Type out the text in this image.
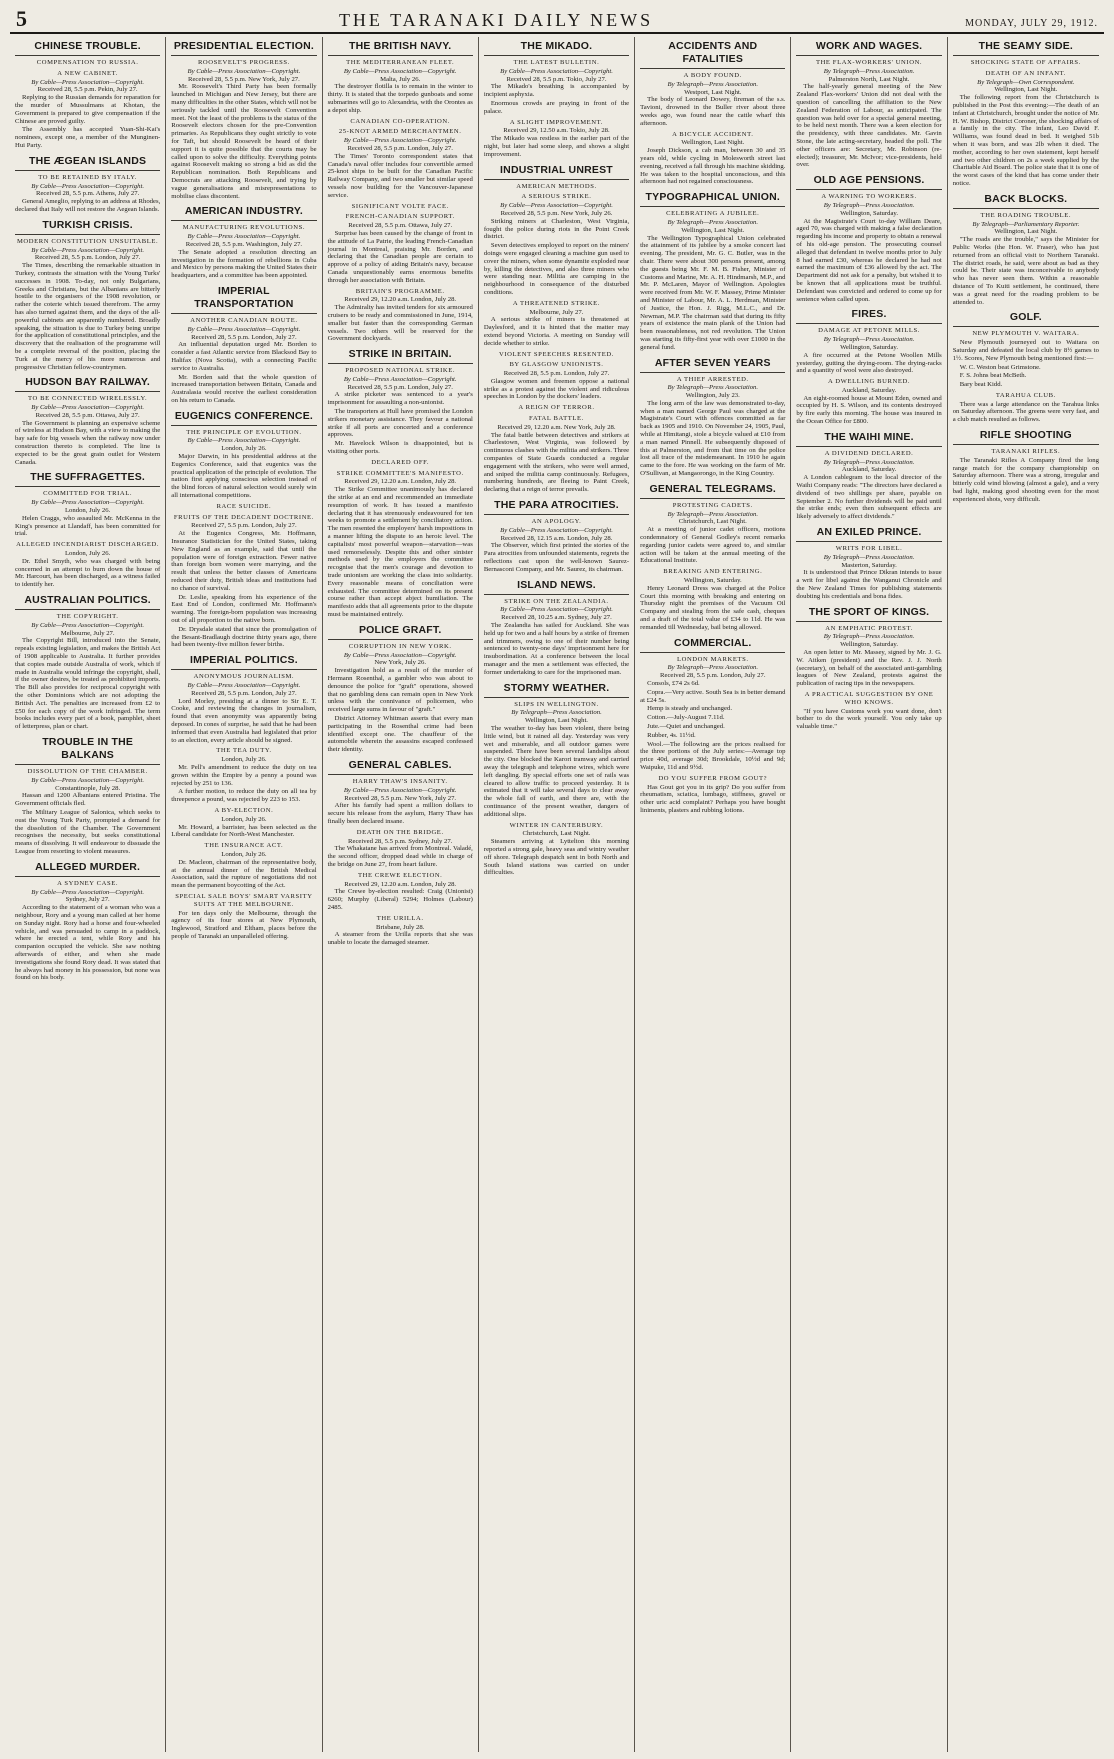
5	THE TARANAKI DAILY NEWS	MONDAY, JULY 29, 1912.
CHINESE TROUBLE.
COMPENSATION TO RUSSIA.
A NEW CABINET.
By Cable—Press Association—Copyright.
Received 28, 5.5 p.m. Pekin, July 27.

Replying to the Russian demands for reparation for the murder of Mussulmans at Khotan, the Government is prepared to give compensation if the Chinese are proved guilty.

The Assembly has accepted Yuan-Shi-Kai's nominees, except one, a member of the Munginen-Hui Party.

THE ÆGEAN ISLANDS
TO BE RETAINED BY ITALY.
By Cable—Press Association—Copyright.
Received 28, 5.5 p.m. Athens, July 27.

General Ameglio, replying to an address at Rhodes, declared that Italy will not restore the Aegean Islands.

TURKISH CRISIS.
MODERN CONSTITUTION UNSUITABLE.
By Cable—Press Association—Copyright.
Received 28, 5.5 p.m. London, July 27.

The Times, describing the remarkable situation in Turkey, contrasts the situation with the Young Turks' successes in 1908. To-day, not only Bulgarians, Greeks and Christians, but the Albanians are bitterly hostile to the organisers of the 1908 revolution, or rather the coterie which issued therefrom. The army has also turned against them, and the days of the all-powerful cabinets are apparently numbered. Broadly speaking, the situation is due to Turkey being unripe for the application of constitutional principles, and the discovery that the realisation of the programme will be a complete reversal of the position, placing the Turk at the mercy of his more numerous and progressive Christian fellow-countrymen.

HUDSON BAY RAILWAY.
TO BE CONNECTED WIRELESSLY.
By Cable—Press Association—Copyright.
Received 28, 5.5 p.m. Ottawa, July 27.

The Government is planning an expensive scheme of wireless at Hudson Bay, with a view to making the bay safe for big vessels when the railway now under construction thereto is completed. The line is expected to be the great grain outlet for Western Canada.

THE SUFFRAGETTES.
COMMITTED FOR TRIAL.
By Cable—Press Association—Copyright.
London, July 26.

Helen Craggs, who assaulted Mr. McKenna in the King's presence at Llandaff, has been committed for trial.

ALLEGED INCENDIARIST DISCHARGED.
London, July 26.

Dr. Ethel Smyth, who was charged with being concerned in an attempt to burn down the house of Mr. Harcourt, has been discharged, as a witness failed to identify her.

AUSTRALIAN POLITICS.
THE COPYRIGHT.
By Cable—Press Association—Copyright.
Melbourne, July 27.

The Copyright Bill, introduced into the Senate, repeals existing legislation, and makes the British Act of 1908 applicable to Australia. It further provides that copies made outside Australia of work, which if made in Australia would infringe the copyright, shall, if the owner desires, be treated as prohibited imports. The Bill also provides for reciprocal copyright with the other Dominions which are not adopting the British Act. The penalties are increased from £2 to £50 for each copy of the work infringed. The term books includes every part of a book, pamphlet, sheet of letterpress, plan or chart.

TROUBLE IN THE BALKANS
DISSOLUTION OF THE CHAMBER.
By Cable—Press Association—Copyright.
Constantinople, July 28.

Hassan and 1200 Albanians entered Pristina. The Government officials fled.

The Military League of Salonica, which seeks to oust the Young Turk Party, prompted a demand for the dissolution of the Chamber. The Government recognises the necessity, but seeks constitutional means of dissolving. It will endeavour to dissuade the League from resorting to violent measures.

ALLEGED MURDER.
A SYDNEY CASE.
By Cable—Press Association—Copyright.
Sydney, July 27.

According to the statement of a woman who was a neighbour, Rory and a young man called at her home on Sunday night. Rory had a horse and four-wheeled vehicle, and was persuaded to camp in a paddock, where he erected a tent, while Rory and his companion occupied the vehicle. She saw nothing afterwards of either, and when she made investigations she found Rory dead. It was stated that he always had money in his possession, but none was found on his body.

PRESIDENTIAL ELECTION.
ROOSEVELT'S PROGRESS.
By Cable—Press Association—Copyright.
Received 28, 5.5 p.m. New York, July 27.

Mr. Roosevelt's Third Party has been formally launched in Michigan and New Jersey, but there are many difficulties in the other States, which will not be seriously tackled until the Roosevelt Convention meet. Not the least of the problems is the status of the Roosevelt electors chosen for the pre-Convention primaries. As Republicans they ought strictly to vote for Taft, but should Roosevelt be heard of their support it is quite possible that the courts may be called upon to solve the difficulty. Everything points against Roosevelt making so strong a bid as did the Republican nomination. Both Republicans and Democrats are attacking Roosevelt, and trying by vague generalisations and misrepresentations to mobilise class discontent.

AMERICAN INDUSTRY.
MANUFACTURING REVOLUTIONS.
By Cable—Press Association—Copyright.
Received 28, 5.5 p.m. Washington, July 27.

The Senate adopted a resolution directing an investigation in the formation of rebellions in Cuba and Mexico by persons making the United States their headquarters, and a committee has been appointed.

IMPERIAL TRANSPORTATION
ANOTHER CANADIAN ROUTE.
By Cable—Press Association—Copyright.
Received 28, 5.5 p.m. London, July 27.

An influential deputation urged Mr. Borden to consider a fast Atlantic service from Blacksod Bay to Halifax (Nova Scotia), with a connecting Pacific service to Australia.

Mr. Borden said that the whole question of increased transportation between Britain, Canada and Australasia would receive the earliest consideration on his return to Canada.

EUGENICS CONFERENCE.
THE PRINCIPLE OF EVOLUTION.
By Cable—Press Association—Copyright.
London, July 26.

Major Darwin, in his presidential address at the Eugenics Conference, said that eugenics was the practical application of the principle of evolution. The nation first applying conscious selection instead of the blind forces of natural selection would surely win all international competitions.

RACE SUICIDE.
FRUITS OF THE DECADENT DOCTRINE.
Received 27, 5.5 p.m. London, July 27.

At the Eugenics Congress, Mr. Hoffmann, Insurance Statistician for the United States, taking New England as an example, said that until the population were of foreign extraction. Fewer native than foreign born women were marrying, and the result that unless the better classes of Americans reduced their duty, British ideas and institutions had no chance of survival.

Dr. Leslie, speaking from his experience of the East End of London, confirmed Mr. Hoffmann's warning. The foreign-born population was increasing out of all proportion to the native born.

Dr. Drysdale stated that since the promulgation of the Besant-Bradlaugh doctrine thirty years ago, there had been twenty-five million fewer births.

IMPERIAL POLITICS.
ANONYMOUS JOURNALISM.
By Cable—Press Association—Copyright.
Received 28, 5.5 p.m. London, July 27.

Lord Morley, presiding at a dinner to Sir E. T. Cooke, and reviewing the changes in journalism, found that even anonymity was apparently being deposed. In cones of surprise, he said that he had been informed that even Australia had legislated that prior to an election, every article should be signed.

THE TEA DUTY.
London, July 26.

Mr. Pell's amendment to reduce the duty on tea grown within the Empire by a penny a pound was rejected by 251 to 136.

A further motion, to reduce the duty on all tea by threepence a pound, was rejected by 223 to 153.

A BY-ELECTION.
London, July 26.

Mr. Howard, a barrister, has been selected as the Liberal candidate for North-West Manchester.

THE INSURANCE ACT.
London, July 26.

Dr. Macleon, chairman of the representative body, at the annual dinner of the British Medical Association, said the rupture of negotiations did not mean the permanent boycotting of the Act.

SPECIAL SALE BOYS' SMART VARSITY SUITS AT THE MELBOURNE.

For ten days only the Melbourne, through the agency of its four stores at New Plymouth, Inglewood, Stratford and Eltham, places before the people of Taranaki an unparalleled offering.

THE BRITISH NAVY.
THE MEDITERRANEAN FLEET.
By Cable—Press Association—Copyright.
Malta, July 26.

The destroyer flotilla is to remain in the winter to thirty. It is stated that the torpedo gunboats and some submarines will go to Alexandria, with the Orontes as a depot ship.

CANADIAN CO-OPERATION.
25-KNOT ARMED MERCHANTMEN.
By Cable—Press Association—Copyright.
Received 28, 5.5 p.m. London, July 27.

The Times' Toronto correspondent states that Canada's naval offer includes four convertible armed 25-knot ships to be built for the Canadian Pacific Railway Company, and two smaller but similar speed vessels now building for the Vancouver-Japanese service.

SIGNIFICANT VOLTE FACE.
FRENCH-CANADIAN SUPPORT.
Received 28, 5.5 p.m. Ottawa, July 27.

Surprise has been caused by the change of front in the attitude of La Patrie, the leading French-Canadian journal in Montreal, praising Mr. Borden, and declaring that the Canadian people are certain to approve of a policy of aiding Britain's navy, because Canada unquestionably earns enormous benefits through her association with Britain.

BRITAIN'S PROGRAMME.
Received 29, 12.20 a.m. London, July 28.

The Admiralty has invited tenders for six armoured cruisers to be ready and commissioned in June, 1914, smaller but faster than the corresponding German vessels. Two others will be reserved for the Government dockyards.

STRIKE IN BRITAIN.
PROPOSED NATIONAL STRIKE.
By Cable—Press Association—Copyright.
Received 28, 5.5 p.m. London, July 27.

A strike picketer was sentenced to a year's imprisonment for assaulting a non-unionist.

The transporters at Hull have promised the London strikers monetary assistance. They favour a national strike if all ports are concerted and a conference approves.

Mr. Havelock Wilson is disappointed, but is visiting other ports.

DECLARED OFF.
STRIKE COMMITTEE'S MANIFESTO.
Received 29, 12.20 a.m. London, July 28.

The Strike Committee unanimously has declared the strike at an end and recommended an immediate resumption of work. It has issued a manifesto declaring that it has strenuously endeavoured for ten weeks to promote a settlement by conciliatory action. The men resented the employers' harsh impositions in a manner lifting the dispute to an heroic level. The capitalists' most powerful weapon—starvation—was used remorselessly. Despite this and other sinister methods used by the employers the committee recognise that the men's courage and devotion to trade unionism are working the class into solidarity. Every reasonable means of conciliation were exhausted. The committee determined on its present course rather than accept abject humiliation. The manifesto adds that all agreements prior to the dispute must be maintained entirely.

POLICE GRAFT.
CORRUPTION IN NEW YORK.
By Cable—Press Association—Copyright.
New York, July 26.

Investigation hold as a result of the murder of Hermann Rosenthal, a gambler who was about to denounce the police for "graft" operations, showed that no gambling dens can remain open in New York unless with the connivance of policemen, who received large sums in favour of "graft."

District Attorney Whitman asserts that every man participating in the Rosenthal crime had been identified except one. The chauffeur of the automobile wherein the assassins escaped confessed their identity.

GENERAL CABLES.
HARRY THAW'S INSANITY.
By Cable—Press Association—Copyright.
Received 28, 5.5 p.m. New York, July 27.

After his family had spent a million dollars to secure his release from the asylum, Harry Thaw has finally been declared insane.

DEATH ON THE BRIDGE.
Received 28, 5.5 p.m. Sydney, July 27.

The Whakatane has arrived from Montreal. Valadé, the second officer, dropped dead while in charge of the bridge on June 27, from heart failure.

THE CREWE ELECTION.
Received 29, 12.20 a.m. London, July 28.

The Crewe by-election resulted: Craig (Unionist) 6260; Murphy (Liberal) 5294; Holmes (Labour) 2485.

THE URILLA.
Brisbane, July 28.

A steamer from the Urilla reports that she was unable to locate the damaged steamer.

THE MIKADO.
THE LATEST BULLETIN.
By Cable—Press Association—Copyright.
Received 28, 5.5 p.m. Tokio, July 27.

The Mikado's breathing is accompanied by incipient asphyxia.

Enormous crowds are praying in front of the palace.

A SLIGHT IMPROVEMENT.
Received 29, 12.50 a.m. Tokio, July 28.

The Mikado was restless in the earlier part of the night, but later had some sleep, and shows a slight improvement.

INDUSTRIAL UNREST
AMERICAN METHODS.
A SERIOUS STRIKE.
By Cable—Press Association—Copyright.
Received 28, 5.5 p.m. New York, July 26.

Striking miners at Charleston, West Virginia, fought the police during riots in the Point Creek district.

Seven detectives employed to report on the miners' doings were engaged cleaning a machine gun used to cover the miners, when some dynamite exploded near by, killing the detectives, and also three miners who were standing near. Militia are camping in the neighbourhood in consequence of the disturbed conditions.

A THREATENED STRIKE.
Melbourne, July 27.

A serious strike of miners is threatened at Daylesford, and it is hinted that the matter may extend beyond Victoria. A meeting on Sunday will decide whether to strike.

VIOLENT SPEECHES RESENTED.
BY GLASGOW UNIONISTS.
Received 28, 5.5 p.m. London, July 27.

Glasgow women and freemen oppose a national strike as a protest against the violent and ridiculous speeches in London by the dockers' leaders.

A REIGN OF TERROR.
FATAL BATTLE.
Received 29, 12.20 a.m. New York, July 28.

The fatal battle between detectives and strikers at Charlestown, West Virginia, was followed by continuous clashes with the militia and strikers. Three companies of State Guards conducted a regular engagement with the strikers, who were well armed, and sniped the militia camp continuously. Refugees, numbering hundreds, are fleeing to Paint Creek, declaring that a reign of terror prevails.

THE PARA ATROCITIES.
AN APOLOGY.
By Cable—Press Association—Copyright.
Received 28, 12.15 a.m. London, July 28.

The Observer, which first printed the stories of the Para atrocities from unfounded statements, regrets the reflections cast upon the well-known Saurez-Bernasconi Company, and Mr. Saurez, its chairman.

ISLAND NEWS.
STRIKE ON THE ZEALANDIA.
By Cable—Press Association—Copyright.
Received 28, 10.25 a.m. Sydney, July 27.

The Zealandia has sailed for Auckland. She was held up for two and a half hours by a strike of firemen and trimmers, owing to one of their number being sentenced to twenty-one days' imprisonment here for insubordination. At a conference between the local manager and the men a settlement was effected, the former undertaking to care for the imprisoned man.

STORMY WEATHER.
SLIPS IN WELLINGTON.
By Telegraph—Press Association.
Wellington, Last Night.

The weather to-day has been violent, there being little wind, but it rained all day. Yesterday was very wet and miserable, and all outdoor games were suspended. There have been several landslips about the city. One blocked the Karori tramway and carried away the telegraph and telephone wires, which were left dangling. By special efforts one set of rails was cleared to allow traffic to proceed yesterday. It is estimated that it will take several days to clear away the whole fall of earth, and there are, with the continuance of the present weather, dangers of additional slips.

WINTER IN CANTERBURY.
Christchurch, Last Night.

Steamers arriving at Lyttelton this morning reported a strong gale, heavy seas and wintry weather off shore. Telegraph despatch sent in both North and South Island stations was carried on under difficulties.

ACCIDENTS AND FATALITIES
A BODY FOUND.
By Telegraph—Press Association.
Westport, Last Night.

The body of Leonard Dowey, fireman of the s.s. Tavioni, drowned in the Buller river about three weeks ago, was found near the cattle wharf this afternoon.

A BICYCLE ACCIDENT.
Wellington, Last Night.

Joseph Dickson, a cab man, between 30 and 35 years old, while cycling in Molesworth street last evening, received a fall through his machine skidding. He was taken to the hospital unconscious, and this afternoon had not regained consciousness.

TYPOGRAPHICAL UNION.
CELEBRATING A JUBILEE.
By Telegraph—Press Association.
Wellington, Last Night.

The Wellington Typographical Union celebrated the attainment of its jubilee by a smoke concert last evening. The president, Mr. G. C. Butler, was in the chair. There were about 300 persons present, among the guests being Mr. F. M. B. Fisher, Minister of Customs and Marine, Mr. A. H. Hindmarsh, M.P., and Mr. P. McLaren, Mayor of Wellington. Apologies were received from Mr. W. F. Massey, Prime Minister and Minister of Labour, Mr. A. L. Herdman, Minister of Justice, the Hon. J. Rigg, M.L.C., and Dr. Newman, M.P. The chairman said that during its fifty years of existence the main plank of the Union had been reasonableness, not red revolution. The Union was starting its fifty-first year with over £1000 in the general fund.

AFTER SEVEN YEARS
A THIEF ARRESTED.
By Telegraph—Press Association.
Wellington, July 23.

The long arm of the law was demonstrated to-day, when a man named George Paul was charged at the Magistrate's Court with offences committed as far back as 1905 and 1910. On November 24, 1905, Paul, while at Himitangi, stole a bicycle valued at £10 from a man named Pinnell. He subsequently disposed of this at Palmerston, and from that time on the police lost all trace of the misdemeanant. In 1910 he again came to the fore. He was working on the farm of Mr. O'Sullivan, at Mangaorongo, in the King Country.

GENERAL TELEGRAMS.
PROTESTING CADETS.
By Telegraph—Press Association.
Christchurch, Last Night.

At a meeting of junior cadet officers, motions condemnatory of General Godley's recent remarks regarding junior cadets were agreed to, and similar action will be taken at the annual meeting of the Educational Institute.

BREAKING AND ENTERING.
Wellington, Saturday.

Henry Leonard Dress was charged at the Police Court this morning with breaking and entering on Thursday night the premises of the Vacuum Oil Company and stealing from the safe cash, cheques and a draft of the total value of £34 to 11d. He was remanded till Wednesday, bail being allowed.

COMMERCIAL.
LONDON MARKETS.
By Telegraph—Press Association.
Received 28, 5.5 p.m. London, July 27.

Consols, £74 2s 6d.

Copra.—Very active. South Sea is in better demand at £24 5s.

Hemp is steady and unchanged.

Cotton.—July-August 7.11d.

Jute.—Quiet and unchanged.

Rubber, 4s. 11½d.

Wool.—The following are the prices realised for the three portions of the July series:—Average top price 40d, average 30d; Brookdale, 10½d and 9d; Waipuke, 11d and 9½d.

DO YOU SUFFER FROM GOUT?

Has Gout got you in its grip? Do you suffer from rheumatism, sciatica, lumbago, stiffness, gravel or other uric acid complaint? Perhaps you have bought liniments, plasters and rubbing lotions.

WORK AND WAGES.
THE FLAX-WORKERS' UNION.
By Telegraph—Press Association.
Palmerston North, Last Night.

The half-yearly general meeting of the New Zealand Flax-workers' Union did not deal with the question of cancelling the affiliation to the New Zealand Federation of Labour, as anticipated. The question was held over for a special general meeting, to be held next month. There was a keen election for the presidency, with three candidates. Mr. Gavin Stone, the late acting-secretary, headed the poll. The other officers are: Secretary, Mr. Robinson (re-elected); treasurer, Mr. McIvor; vice-presidents, held over.

OLD AGE PENSIONS.
A WARNING TO WORKERS.
By Telegraph—Press Association.
Wellington, Saturday.

At the Magistrate's Court to-day William Deare, aged 70, was charged with making a false declaration regarding his income and property to obtain a renewal of his old-age pension. The prosecuting counsel alleged that defendant in twelve months prior to July 8 had earned £30, whereas he declared he had not earned the maximum of £36 allowed by the act. The Department did not ask for a penalty, but wished it to be known that all applications must be truthful. Defendant was convicted and ordered to come up for sentence when called upon.

FIRES.
DAMAGE AT PETONE MILLS.
By Telegraph—Press Association.
Wellington, Saturday.

A fire occurred at the Petone Woollen Mills yesterday, gutting the drying-room. The drying-racks and a quantity of wool were also destroyed.

A DWELLING BURNED.
Auckland, Saturday.

An eight-roomed house at Mount Eden, owned and occupied by H. S. Wilson, and its contents destroyed by fire early this morning. The house was insured in the Ocean Office for £800.

THE WAIHI MINE.
A DIVIDEND DECLARED.
By Telegraph—Press Association.
Auckland, Saturday.

A London cablegram to the local director of the Waihi Company reads: "The directors have declared a dividend of two shillings per share, payable on September 2. No further dividends will be paid until the strike ends; even then subsequent effects are likely adversely to affect dividends."

AN EXILED PRINCE.
WRITS FOR LIBEL.
By Telegraph—Press Association.
Masterton, Saturday.

It is understood that Prince Dikran intends to issue a writ for libel against the Wanganui Chronicle and the New Zealand Times for publishing statements doubting his credentials and bona fides.

THE SPORT OF KINGS.
AN EMPHATIC PROTEST.
By Telegraph—Press Association.
Wellington, Saturday.

An open letter to Mr. Massey, signed by Mr. J. G. W. Aitken (president) and the Rev. J. J. North (secretary), on behalf of the associated anti-gambling leagues of New Zealand, protests against the publication of racing tips in the newspapers.

A PRACTICAL SUGGESTION BY ONE WHO KNOWS.

"If you have Customs work you want done, don't bother to do the work yourself. You only take up valuable time."

THE SEAMY SIDE.
SHOCKING STATE OF AFFAIRS.
DEATH OF AN INFANT.
By Telegraph—Own Correspondent.
Wellington, Last Night.

The following report from the Christchurch is published in the Post this evening:—The death of an infant at Christchurch, brought under the notice of Mr. H. W. Bishop, District Coroner, the shocking affairs of a family in the city. The infant, Leo David F. Williams, was found dead in bed. It weighed 51b when it was born, and was 2lb when it died. The mother, according to her own statement, kept herself and two other children on 2s a week supplied by the Charitable Aid Board. The police state that it is one of the worst cases of the kind that has come under their notice.

BACK BLOCKS.
THE ROADING TROUBLE.
By Telegraph—Parliamentary Reporter.
Wellington, Last Night.

"The roads are the trouble," says the Minister for Public Works (the Hon. W. Fraser), who has just returned from an official visit to Northern Taranaki. The district roads, he said, were about as bad as they could be. Their state was inconceivable to anybody who has never seen them. Within a reasonable distance of To Kuiti settlement, he continued, there was a great need for the roading problem to be attended to.

GOLF.
NEW PLYMOUTH V. WAITARA.

New Plymouth journeyed out to Waitara on Saturday and defeated the local club by 8½ games to 1½. Scores, New Plymouth being mentioned first:—

W. C. Weston beat Grimstone.

F. S. Johns beat McBeth.

Bary beat Kidd.

TARAHUA CLUB.

There was a large attendance on the Tarahua links on Saturday afternoon. The greens were very fast, and a club match resulted as follows.

RIFLE SHOOTING
TARANAKI RIFLES.

The Taranaki Rifles A Company fired the long range match for the company championship on Saturday afternoon. There was a strong, irregular and bitterly cold wind blowing (almost a gale), and a very bad light, making good shooting even for the most experienced shots, very difficult.
